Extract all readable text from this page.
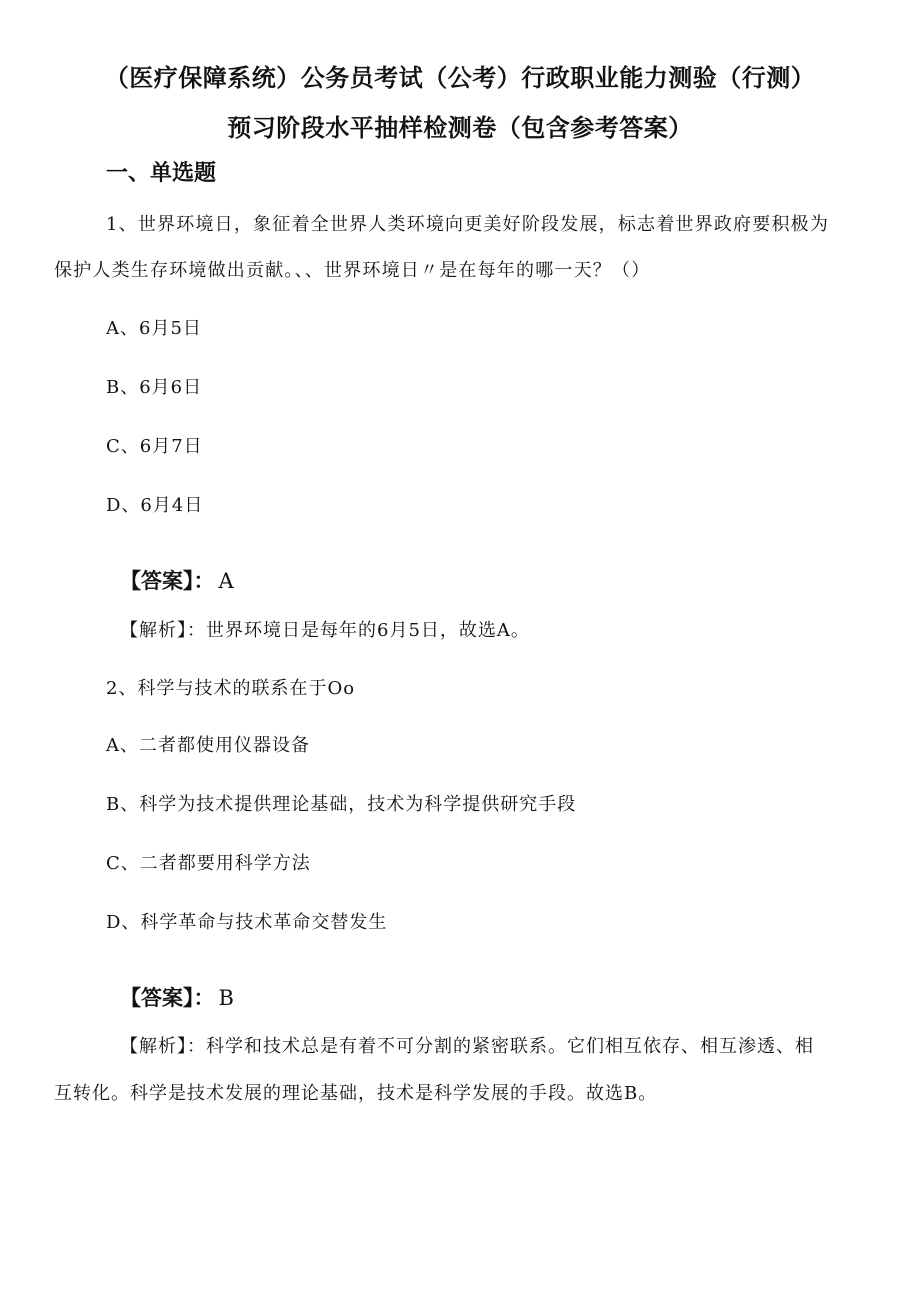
（医疗保障系统）公务员考试（公考）行政职业能力测验（行测）
预习阶段水平抽样检测卷（包含参考答案）
一、单选题
1、世界环境日，象征着全世界人类环境向更美好阶段发展，标志着世界政府要积极为
保护人类生存环境做出贡献。、、世界环境日〃是在每年的哪一天？（）
A、6月5日
B、6月6日
C、6月7日
D、6月4日
【答案】： A
【解析】：世界环境日是每年的6月5日，故选A。
2、科学与技术的联系在于Oo
A、二者都使用仪器设备
B、科学为技术提供理论基础，技术为科学提供研究手段
C、二者都要用科学方法
D、科学革命与技术革命交替发生
【答案】： B
【解析】：科学和技术总是有着不可分割的紧密联系。它们相互依存、相互渗透、相
互转化。科学是技术发展的理论基础，技术是科学发展的手段。故选B。
